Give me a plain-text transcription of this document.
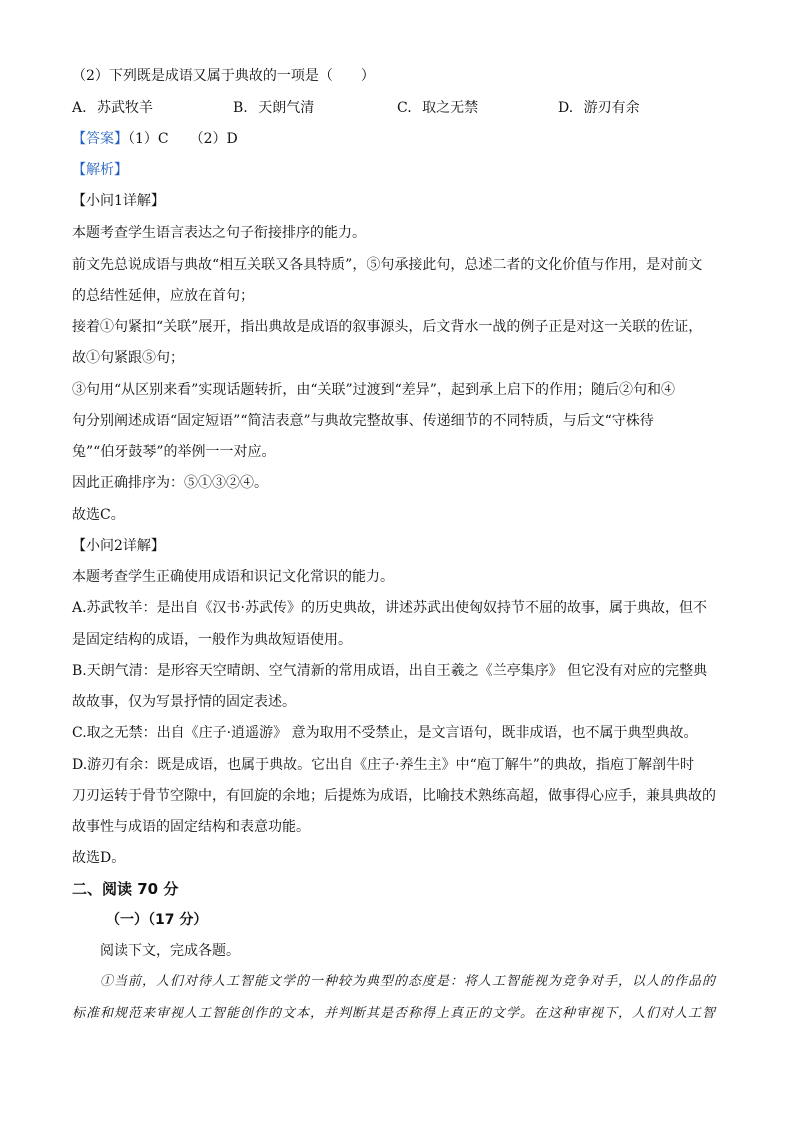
（2）下列既是成语又属于典故的一项是（　　）
A. 苏武牧羊	B. 天朗气清	C. 取之无禁	D. 游刃有余
【答案】（1）C　　（2）D
【解析】
【小问1详解】
本题考查学生语言表达之句子衔接排序的能力。
前文先总说成语与典故“相互关联又各具特质”，⑤句承接此句，总述二者的文化价值与作用，是对前文
的总结性延伸，应放在首句；
接着①句紧扣“关联”展开，指出典故是成语的叙事源头，后文背水一战的例子正是对这一关联的佐证，
故①句紧跟⑤句；
③句用“从区别来看”实现话题转折，由“关联”过渡到“差异”，起到承上启下的作用；随后②句和④
句分别阐述成语“固定短语”“简洁表意”与典故完整故事、传递细节的不同特质，与后文“守株待
兔”“伯牙鼓琴”的举例一一对应。
因此正确排序为：⑤①③②④。
故选C。
【小问2详解】
本题考查学生正确使用成语和识记文化常识的能力。
A.苏武牧羊：是出自《汉书·苏武传》的历史典故，讲述苏武出使匈奴持节不屈的故事，属于典故，但不
是固定结构的成语，一般作为典故短语使用。
B.天朗气清：是形容天空晴朗、空气清新的常用成语，出自王羲之《兰亭集序》 但它没有对应的完整典
故故事，仅为写景抒情的固定表述。
C.取之无禁：出自《庄子·逍遥游》 意为取用不受禁止，是文言语句，既非成语，也不属于典型典故。
D.游刃有余：既是成语，也属于典故。它出自《庄子·养生主》中“庖丁解牛”的典故，指庖丁解剖牛时
刀刃运转于骨节空隙中，有回旋的余地；后提炼为成语，比喻技术熟练高超，做事得心应手，兼具典故的
故事性与成语的固定结构和表意功能。
故选D。
二、阅读 70 分
（一）（17 分）
阅读下文，完成各题。
①当前，人们对待人工智能文学的一种较为典型的态度是：将人工智能视为竞争对手，以人的作品的
标准和规范来审视人工智能创作的文本，并判断其是否称得上真正的文学。在这种审视下，人们对人工智
